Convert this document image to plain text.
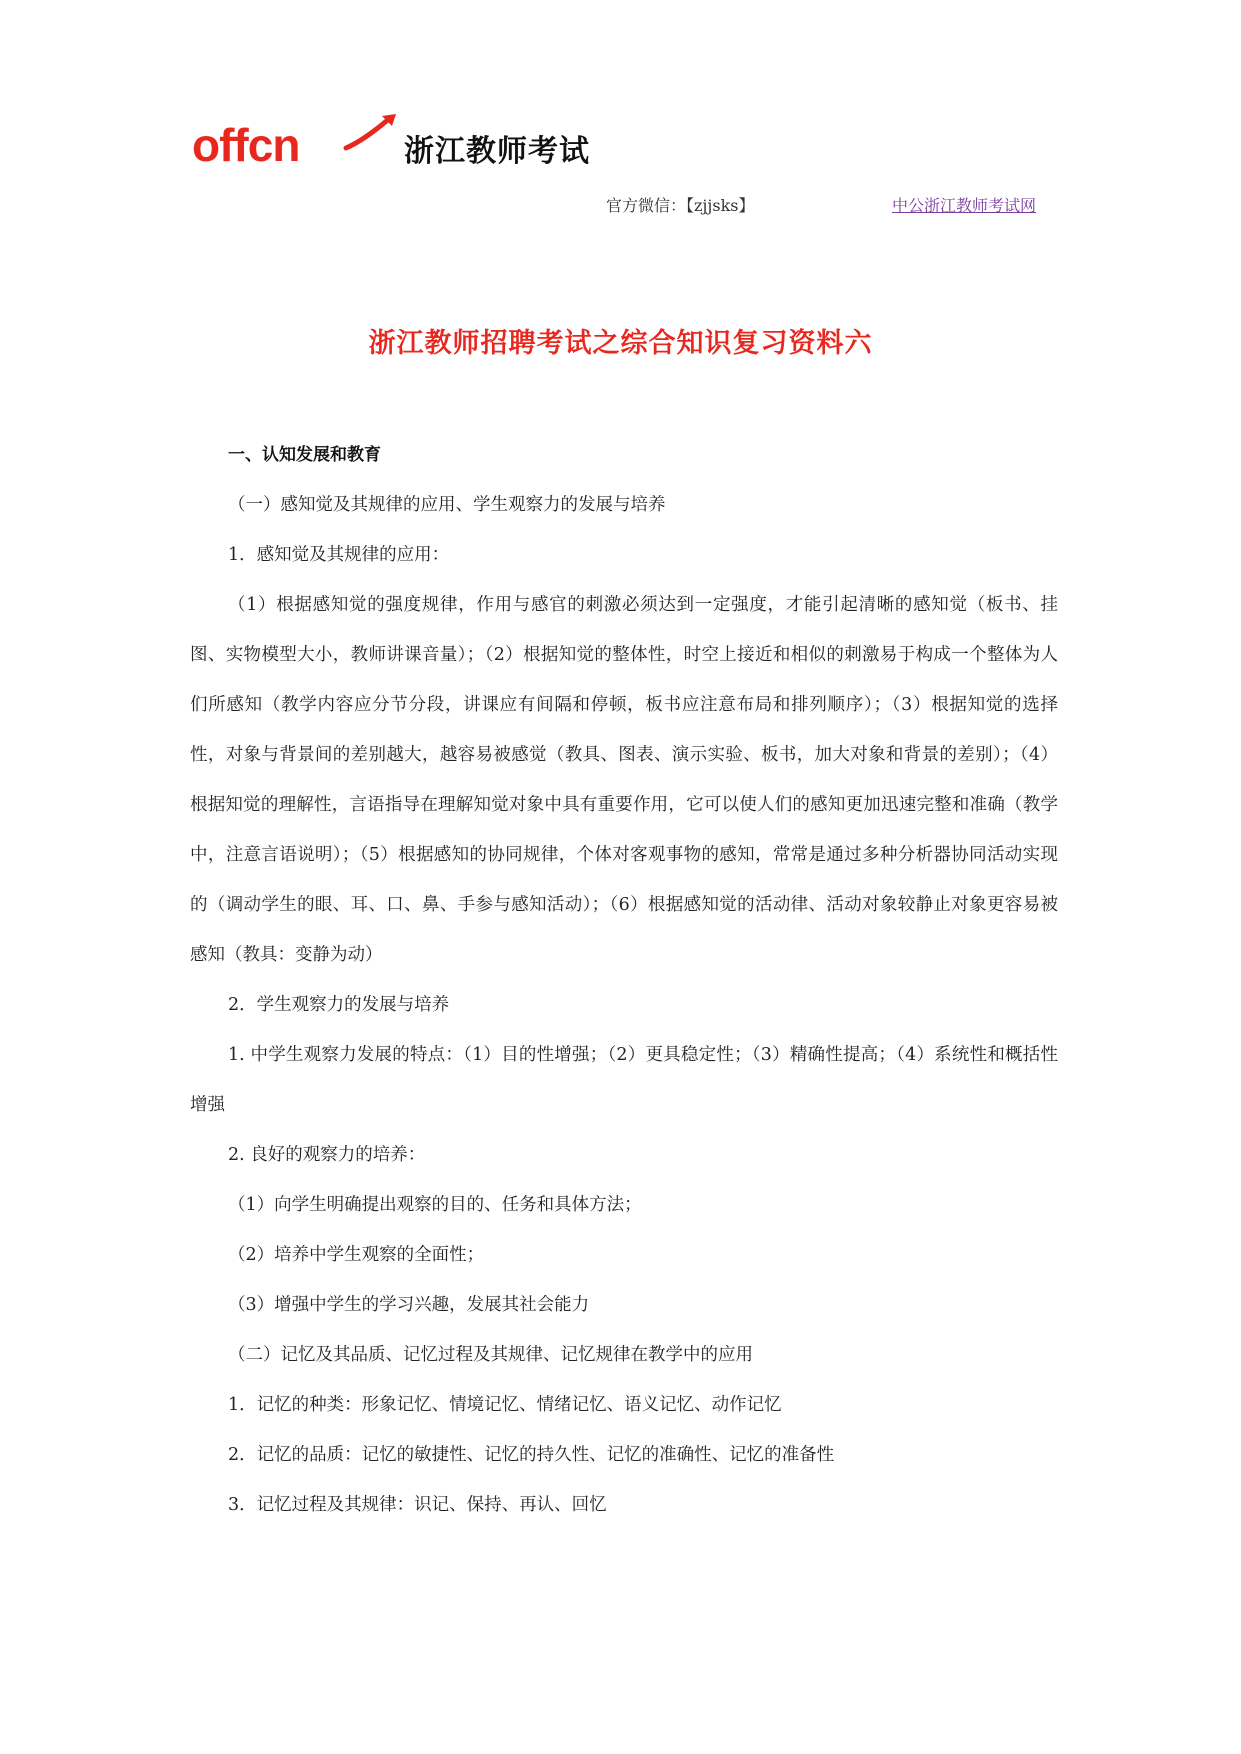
offcn	浙江教师考试
官方微信：【zjjsks】	中公浙江教师考试网
浙江教师招聘考试之综合知识复习资料六

一、认知发展和教育

（一）感知觉及其规律的应用、学生观察力的发展与培养

1．感知觉及其规律的应用：

（1）根据感知觉的强度规律，作用与感官的刺激必须达到一定强度，才能引起清晰的感知觉（板书、挂图、实物模型大小，教师讲课音量）；（2）根据知觉的整体性，时空上接近和相似的刺激易于构成一个整体为人们所感知（教学内容应分节分段，讲课应有间隔和停顿，板书应注意布局和排列顺序）；（3）根据知觉的选择性，对象与背景间的差别越大，越容易被感觉（教具、图表、演示实验、板书，加大对象和背景的差别）；（4）根据知觉的理解性，言语指导在理解知觉对象中具有重要作用，它可以使人们的感知更加迅速完整和准确（教学中，注意言语说明）；（5）根据感知的协同规律，个体对客观事物的感知，常常是通过多种分析器协同活动实现的（调动学生的眼、耳、口、鼻、手参与感知活动）；（6）根据感知觉的活动律、活动对象较静止对象更容易被感知（教具：变静为动）

2．学生观察力的发展与培养

1. 中学生观察力发展的特点：（1）目的性增强；（2）更具稳定性；（3）精确性提高；（4）系统性和概括性增强

2. 良好的观察力的培养：

（1）向学生明确提出观察的目的、任务和具体方法；

（2）培养中学生观察的全面性；

（3）增强中学生的学习兴趣，发展其社会能力

（二）记忆及其品质、记忆过程及其规律、记忆规律在教学中的应用

1．记忆的种类：形象记忆、情境记忆、情绪记忆、语义记忆、动作记忆

2．记忆的品质：记忆的敏捷性、记忆的持久性、记忆的准确性、记忆的准备性

3．记忆过程及其规律：识记、保持、再认、回忆
